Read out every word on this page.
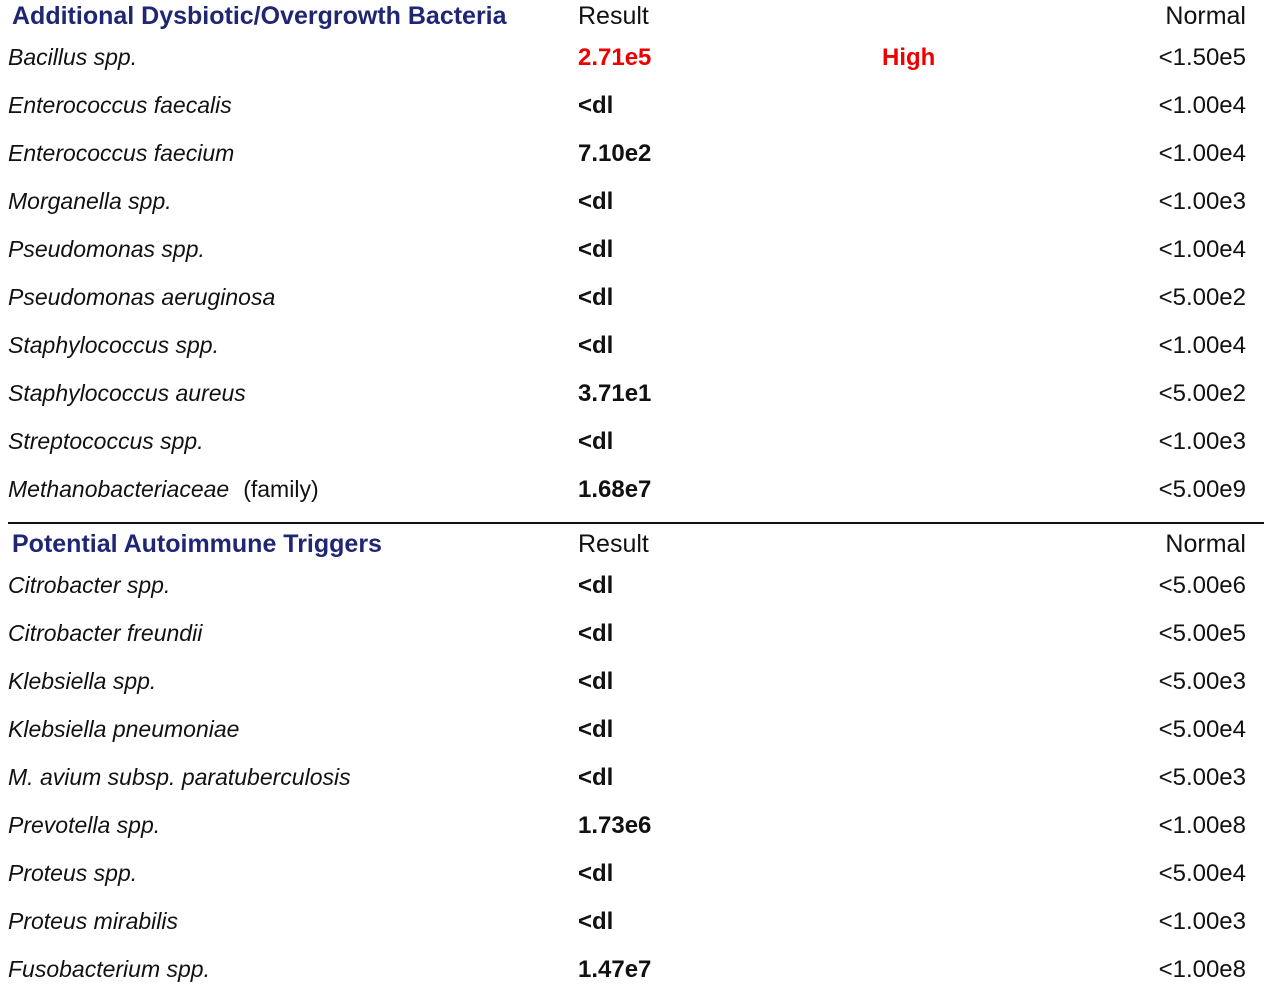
Additional Dysbiotic/Overgrowth Bacteria	Result	Normal
Bacillus spp.	2.71e5	High	<1.50e5
Enterococcus faecalis	<dl	<1.00e4
Enterococcus faecium	7.10e2	<1.00e4
Morganella spp.	<dl	<1.00e3
Pseudomonas spp.	<dl	<1.00e4
Pseudomonas aeruginosa	<dl	<5.00e2
Staphylococcus spp.	<dl	<1.00e4
Staphylococcus aureus	3.71e1	<5.00e2
Streptococcus spp.	<dl	<1.00e3
Methanobacteriaceae (family)	1.68e7	<5.00e9
Potential Autoimmune Triggers	Result	Normal
Citrobacter spp.	<dl	<5.00e6
Citrobacter freundii	<dl	<5.00e5
Klebsiella spp.	<dl	<5.00e3
Klebsiella pneumoniae	<dl	<5.00e4
M. avium subsp. paratuberculosis	<dl	<5.00e3
Prevotella spp.	1.73e6	<1.00e8
Proteus spp.	<dl	<5.00e4
Proteus mirabilis	<dl	<1.00e3
Fusobacterium spp.	1.47e7	<1.00e8
